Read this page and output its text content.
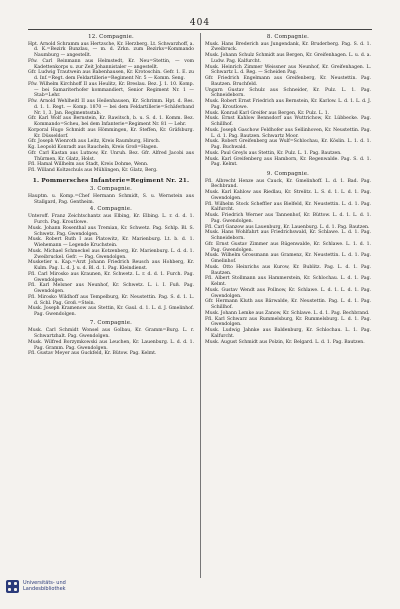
404
12. Compagnie.

Hpt. Arnold Schramm aus Hertzsche, Kr. Herzberg. Lt. Schwarzhoff, a. d. K.=Bezirk Bunzlau, — m. d. Zrkn. zum Bezirks=Kommando Naumburg — angestellt.

Ffw. Carl Reinmann aus Helmstedt, Kr. Neu=Stettin, — vom Kadettenkorps u. zur Zeit Johannistaler — angestellt.

Gfr. Ludwig Trautwein aus Babenhausen, Kr. Krotoschin. Gefr. 1. E. zu d. Inf.=Regt. dem Feldartillerie=Regiment Nr. 5 — Komm. Seng.

Ffw. Wilhelm Kirchhoff II aus Heulitz, Kr. Breslau. Bez. J. 1. 10. Komp. — bei Samariterhofer kommandiert, Senior Regiment Nr. 1 — Stab=Lehr.

Ffw. Arnold Wehlheitl II aus Heilenhausen, Kr. Schrimm. Hpt. d. Res. d. 1. 1. Regt. — Komp. 1870 — bei dem Feldartillerie=Schäferband Nr. 1, 3. Jan. Regimentsstab.

Gfr. Karl Wolf aus Bernstein, Kr. Rawitsch, b. u. S. d. 1. Komm. Bez. Kommando=Scheu, bei dem Infanterie=Regiment Nr. 81 — Lehr.

Korporal Hugo Schmidt aus Hömmingen, Kr. Steffen, Kr. Gräfsburg. Kr. Düsseldorf.

Gfr. Joseph Wienroth aus Leitz, Kreis Raumburg, Hirsch.

Kg. Leopold Konradt aus Raucheln, Kreis Groß=Hagen.

Gfr. Carl Kastan aus Lutnow, Kr. Unruh. Bez. Gfr. Alfred Jacobi aus Thürmen, Kr. Glatz, Holst.

Ffl. Hamal Willhelm aus Stadt, Kreis Dohme, Wenn.

Ffl. Willand Koltzschuls aus Mühlingen, Kr. Glatz, Berg.

1. Pommersches Infanterie=Regiment Nr. 21.
3. Compagnie.

Hauptm. u. Komp.=Chef Hermann Schmidt, S. u. Wernstein aus Stallgard, Pag. Gentheim.

4. Compagnie.

Unteroff. Franz Zeichtschantz aus Elbing, Kr. Elbing. L. r. d. d. 1. Furch. Pag. Kroutlowe.

Musk. Johann Rosenthal aus Tremian, Kr. Schwetz. Pag. Schlp. Bl. S. Schwetz. Pag. Gwendolgen.

Musk. Robert Ruth I aus Platowitz, Kr. Marienburg. Lt. b. d. 1. Wiehemann — Legende Kruchstein.

Musk. Michael Schmeckel aus Kotzenberg, Kr. Marienburg. L. d. d. 1. Zweibruckel. Gefr. — Pag. Gwendolgen.

Musketier u. Kap.=Arzt Johann Friedrich Reusch aus Hohberg, Kr. Kulm. Pag. L. d. J. u. d. Bl. d. 1. Pag. Kleindienst.

Ffl. Carl Mirosko aus Kraunen, Kr. Schwetz. L. r. d. d. 1. Furch. Pag. Gwendolgen.

Ffl. Karl Melsner aus Neunhof, Kr. Schwetz. L. i. I. Fuß. Pag. Gwendolgen.

Ffl. Mirosko Wildhoff aus Tempelburg, Kr. Neustettin. Pag. S. d. 1. L. d. Schl. Pag. Groß.=Stein.

Musk. Joseph Kramenow aus Stettin, Kr. Gaul. d. 1. L. d. J. Gmelinhof. Pag. Gwendolgen.

7. Compagnie.

Musk. Carl Schmidt Wonsel aus Golbau, Kr. Gramm=Burg. L. r. Schwartzhalt. Pag. Gwendolgen.

Musk. Wilfred Borzymkowski aus Leuchen, Kr. Lauenburg. L. d. d. 1. Pag. Gramm. Pag. Gwendolgen.

Ffl. Gustav Meyer aus Guckfeld, Kr. Bütow. Pag. Kelmt.

8. Compagnie.

Musk. Hans Brederich aus Jungendank, Kr. Bruderberg. Pag. S. d. 1. Zweibruck.

Musk. Johann Schulz Schmidt aus Bergen, Kr. Greifenhagen. L. u. d. a. Ludw. Pag. Kalfurcht.

Musk. Heinrich Zimmer Weissner aus Neunhof, Kr. Greifenhagen. L. Schwartz L. d. Reg. — Scheiden Pag.

Gfr. Friedrich Engelmann aus Greifenberg, Kr. Neustettin. Pag. Bautzen. Bruchfeld.

Ungarn Gustav Schulz aus Schneider, Kr. Pulz. L. 1. Pag. Schneideborn.

Musk. Robert Ernst Friedrich aus Bernstein, Kr. Karlow. L. d. 1. L. d. J. Pag. Kroutlowe.

Musk. Konrad Karl Greifer aus Bergen, Kr. Pulz. L. 1.

Musk. Ernst Kahlow Bennsdorf aus Wuttrichow, Kr. Lübbecke. Pag. Schillhof.

Musk. Joseph Gaschow Feldhofer aus Sellinhoven, Kr. Neustettin. Pag. L. d. 1. Pag. Bautzen. Schwartz Moor.

Musk. Robert Greifenberg aus Wulf=Schlochau, Kr. Köslin. L. 1. d. 1. Pag. Buchwald.

Musk. Paul Greyls aus Stettin, Kr. Pulz. L. 1. Pag. Bautzen.

Musk. Karl Greifenberg aus Hamborn, Kr. Regenwalde. Pag. S. d. 1. Pag. Kelmt.

9. Compagnie.

Ffl. Albrecht Henze aus Cauck, Kr. Gmelinhoff. L. d. 1. Bad. Pag. Bechbrand.

Musk. Karl Kahlow aus Riedlau, Kr. Strelitz. L. S. d. 1. L. d. 1. Pag. Gwendolgen.

Ffl. Wilhelm Stock Scheffler aus Bielfeld, Kr. Neustettin. L. d. 1. Pag. Kalfurcht.

Musk. Friedrich Werner aus Tannenhof, Kr. Büttow. L. d. 1. L. d. 1. Pag. Gwendolgen.

Ffl. Carl Ganzow aus Lauenburg, Kr. Lauenburg. L. d. 1. Pag. Bautzen.

Musk. Hans Wohlfahrt aus Friedrichswald, Kr. Schlawe. L. d. 1. Pag. Schneideborn.

Gfr. Ernst Gustav Zimmer aus Rügenwalde, Kr. Schlawe. L. 1. d. 1. Pag. Gwendolgen.

Musk. Wilhelm Grossmann aus Gramenz, Kr. Neustettin. L. d. 1. Pag. Gmelinhof.

Musk. Otto Heinrichs aus Kurow, Kr. Bublitz. Pag. L. d. 1. Pag. Bautzen.

Ffl. Albert Stollmann aus Hammerstein, Kr. Schlochau. L. d. 1. Pag. Kelmt.

Musk. Gustav Wendt aus Pollnow, Kr. Schlawe. L. d. 1. L. d. 1. Pag. Gwendolgen.

Gfr. Hermann Kluth aus Bärwalde, Kr. Neustettin. Pag. L. d. 1. Pag. Schillhof.

Musk. Johann Lemke aus Zanow, Kr. Schlawe. L. d. 1. Pag. Bechbrand.

Ffl. Karl Schwarz aus Rummelsburg, Kr. Rummelsburg. L. d. 1. Pag. Gwendolgen.

Musk. Ludwig Jahnke aus Baldenburg, Kr. Schlochau. L. 1. Pag. Kalfurcht.

Musk. August Schmidt aus Polzin, Kr. Belgard. L. d. 1. Pag. Bautzen.

Universitäts- und
Landesbibliothek
